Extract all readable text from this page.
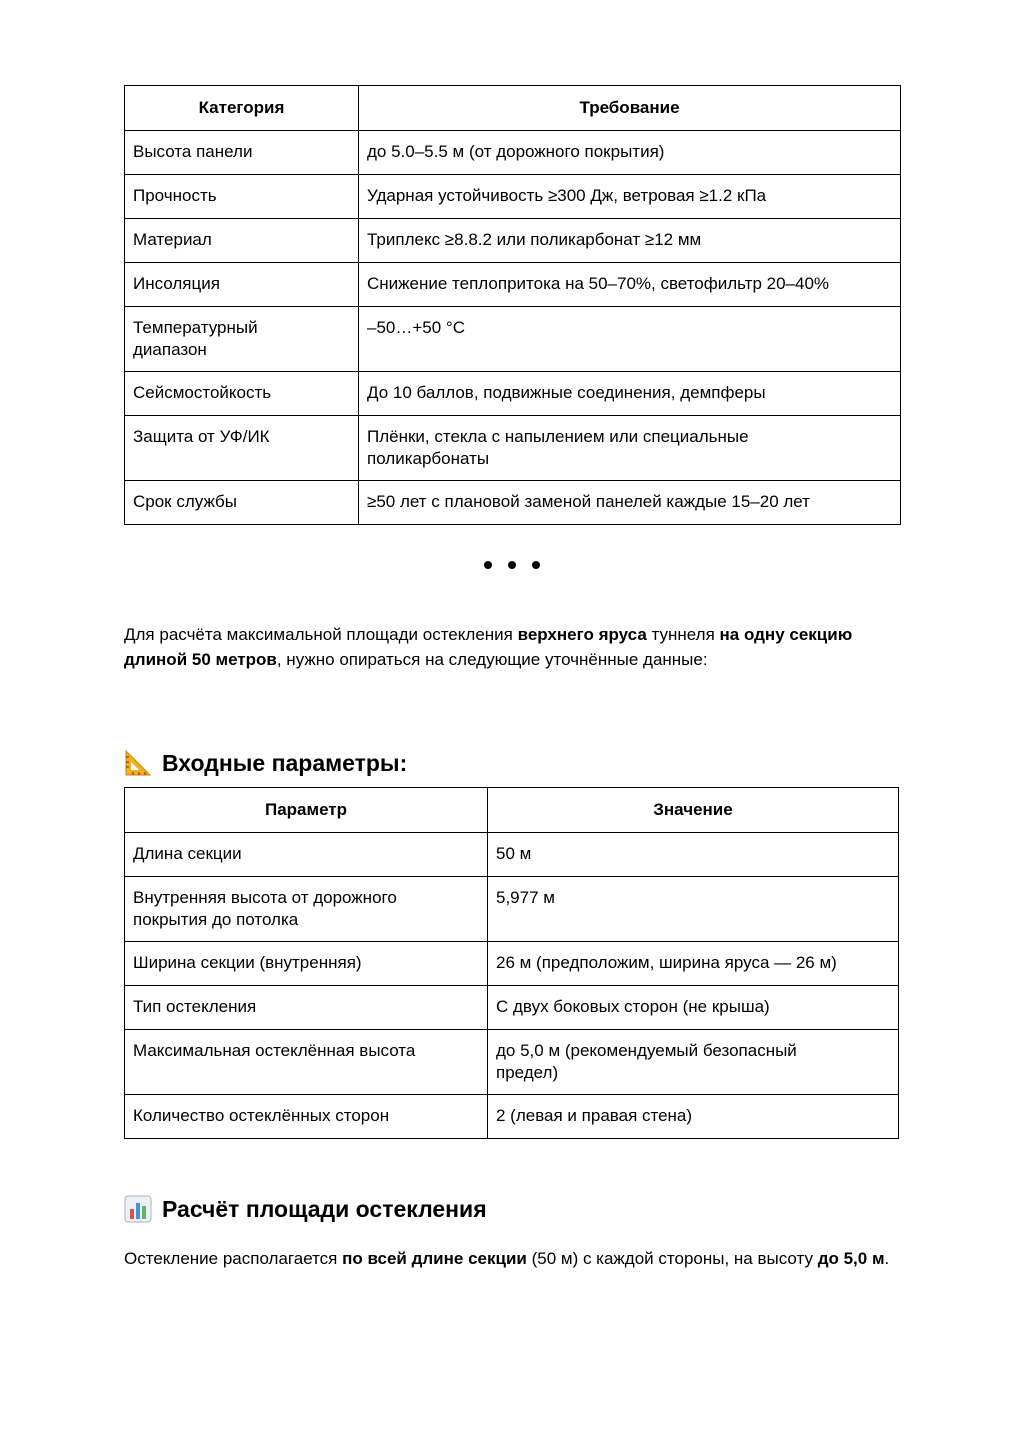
Категория	Требование
Высота панели	до 5.0–5.5 м (от дорожного покрытия)
Прочность	Ударная устойчивость ≥300 Дж, ветровая ≥1.2 кПа
Материал	Триплекс ≥8.8.2 или поликарбонат ≥12 мм
Инсоляция	Снижение теплопритока на 50–70%, светофильтр 20–40%
Температурный диапазон	–50…+50 °C
Сейсмостойкость	До 10 баллов, подвижные соединения, демпферы
Защита от УФ/ИК	Плёнки, стекла с напылением или специальные поликарбонаты
Срок службы	≥50 лет с плановой заменой панелей каждые 15–20 лет

Для расчёта максимальной площади остекления верхнего яруса туннеля на одну секцию длиной 50 метров, нужно опираться на следующие уточнённые данные:

Входные параметры:
Параметр	Значение
Длина секции	50 м
Внутренняя высота от дорожного покрытия до потолка	5,977 м
Ширина секции (внутренняя)	26 м (предположим, ширина яруса — 26 м)
Тип остекления	С двух боковых сторон (не крыша)
Максимальная остеклённая высота	до 5,0 м (рекомендуемый безопасный предел)
Количество остеклённых сторон	2 (левая и правая стена)
Расчёт площади остекления

Остекление располагается по всей длине секции (50 м) с каждой стороны, на высоту до 5,0 м.
